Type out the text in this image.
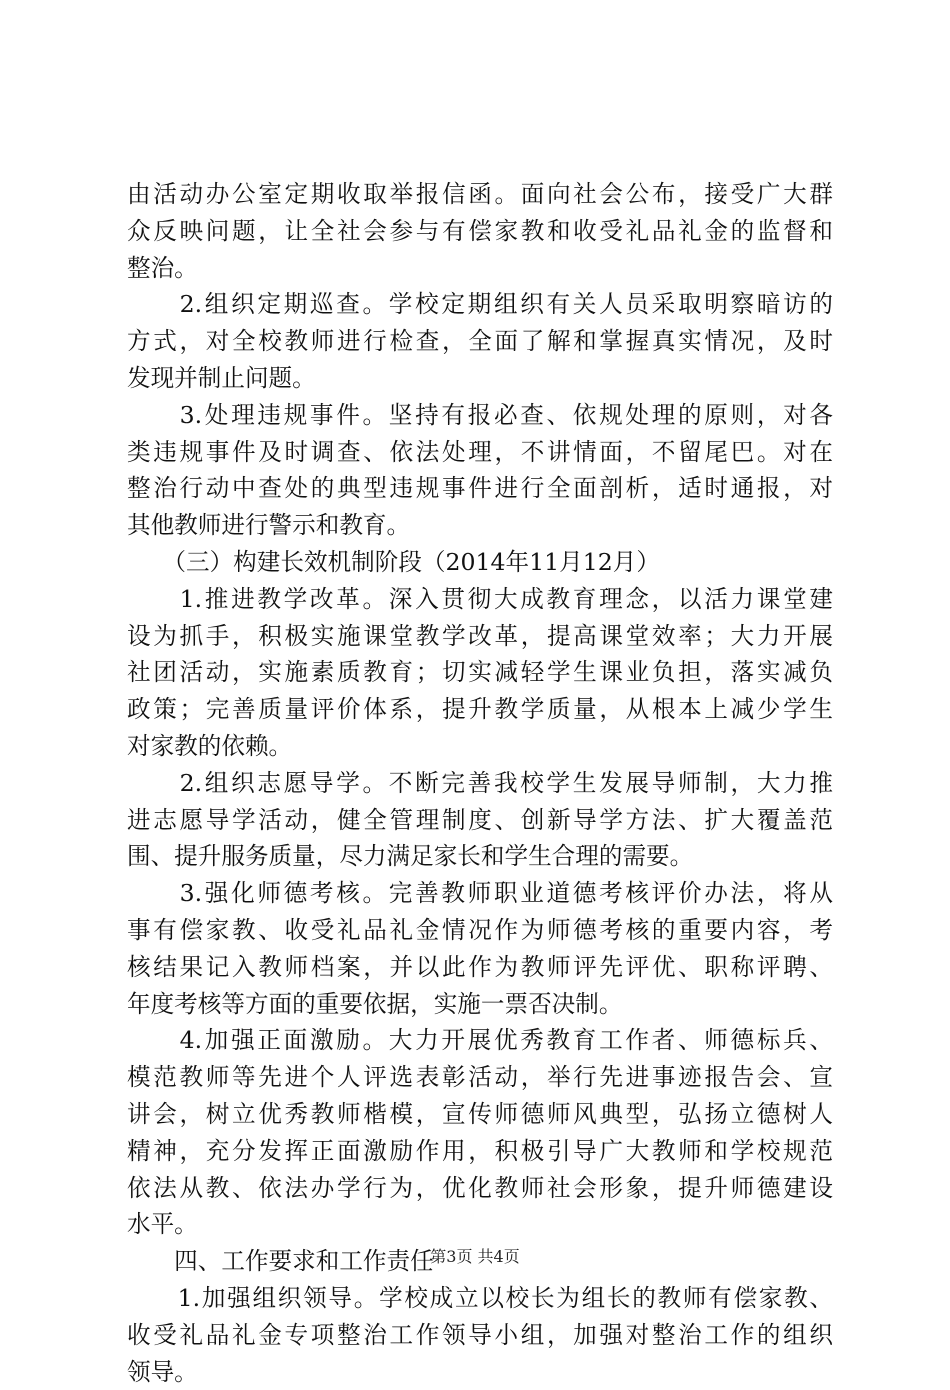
由活动办公室定期收取举报信函。面向社会公布，接受广大群
众反映问题，让全社会参与有偿家教和收受礼品礼金的监督和
整治。
　　2.组织定期巡查。学校定期组织有关人员采取明察暗访的
方式，对全校教师进行检查，全面了解和掌握真实情况，及时
发现并制止问题。
　　3.处理违规事件。坚持有报必查、依规处理的原则，对各
类违规事件及时调查、依法处理，不讲情面，不留尾巴。对在
整治行动中查处的典型违规事件进行全面剖析，适时通报，对
其他教师进行警示和教育。
　　（三）构建长效机制阶段（2014年11月12月）
　　1.推进教学改革。深入贯彻大成教育理念，以活力课堂建
设为抓手，积极实施课堂教学改革，提高课堂效率；大力开展
社团活动，实施素质教育；切实减轻学生课业负担，落实减负
政策；完善质量评价体系，提升教学质量，从根本上减少学生
对家教的依赖。
　　2.组织志愿导学。不断完善我校学生发展导师制，大力推
进志愿导学活动，健全管理制度、创新导学方法、扩大覆盖范
围、提升服务质量，尽力满足家长和学生合理的需要。
　　3.强化师德考核。完善教师职业道德考核评价办法，将从
事有偿家教、收受礼品礼金情况作为师德考核的重要内容，考
核结果记入教师档案，并以此作为教师评先评优、职称评聘、
年度考核等方面的重要依据，实施一票否决制。
　　4.加强正面激励。大力开展优秀教育工作者、师德标兵、
模范教师等先进个人评选表彰活动，举行先进事迹报告会、宣
讲会，树立优秀教师楷模，宣传师德师风典型，弘扬立德树人
精神，充分发挥正面激励作用，积极引导广大教师和学校规范
依法从教、依法办学行为，优化教师社会形象，提升师德建设
水平。
　　四、工作要求和工作责任
　　1.加强组织领导。学校成立以校长为组长的教师有偿家教、
收受礼品礼金专项整治工作领导小组，加强对整治工作的组织
领导。
第3页 共4页
